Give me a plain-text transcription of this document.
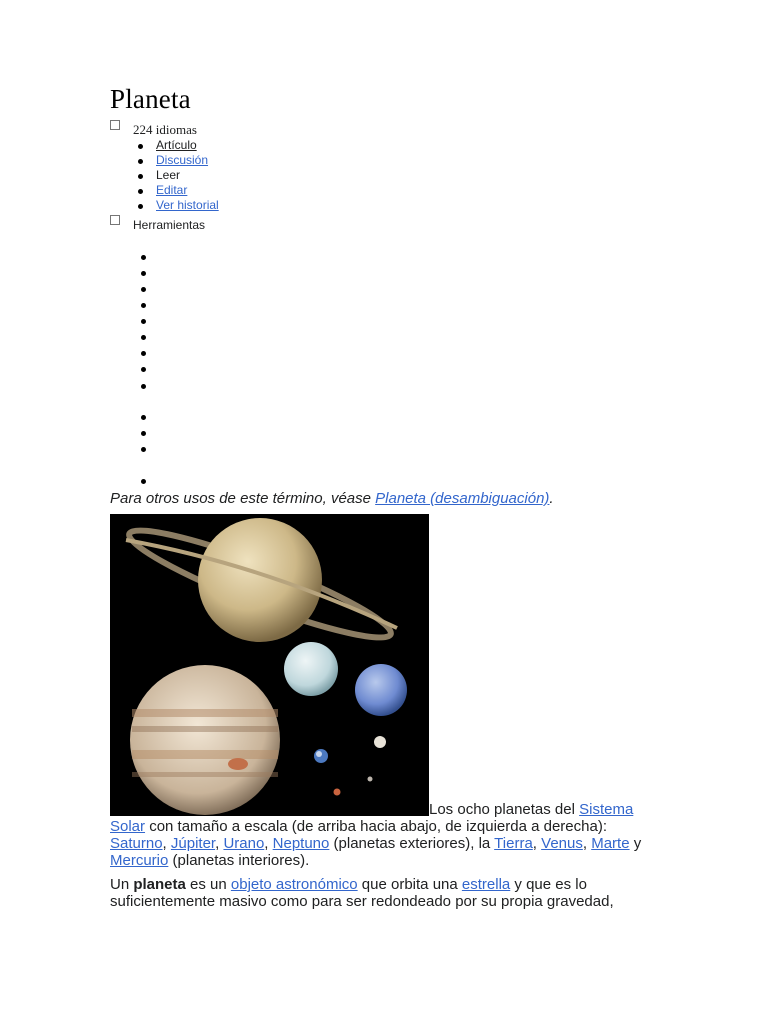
Planeta
224 idiomas
Artículo
Discusión
Leer
Editar
Ver historial
Herramientas
Para otros usos de este término, véase Planeta (desambiguación).
Los ocho planetas del Sistema Solar con tamaño a escala (de arriba hacia abajo, de izquierda a derecha): Saturno, Júpiter, Urano, Neptuno (planetas exteriores), la Tierra, Venus, Marte y Mercurio (planetas interiores).
Un planeta es un objeto astronómico que orbita una estrella y que es lo suficientemente masivo como para ser redondeado por su propia gravedad,
